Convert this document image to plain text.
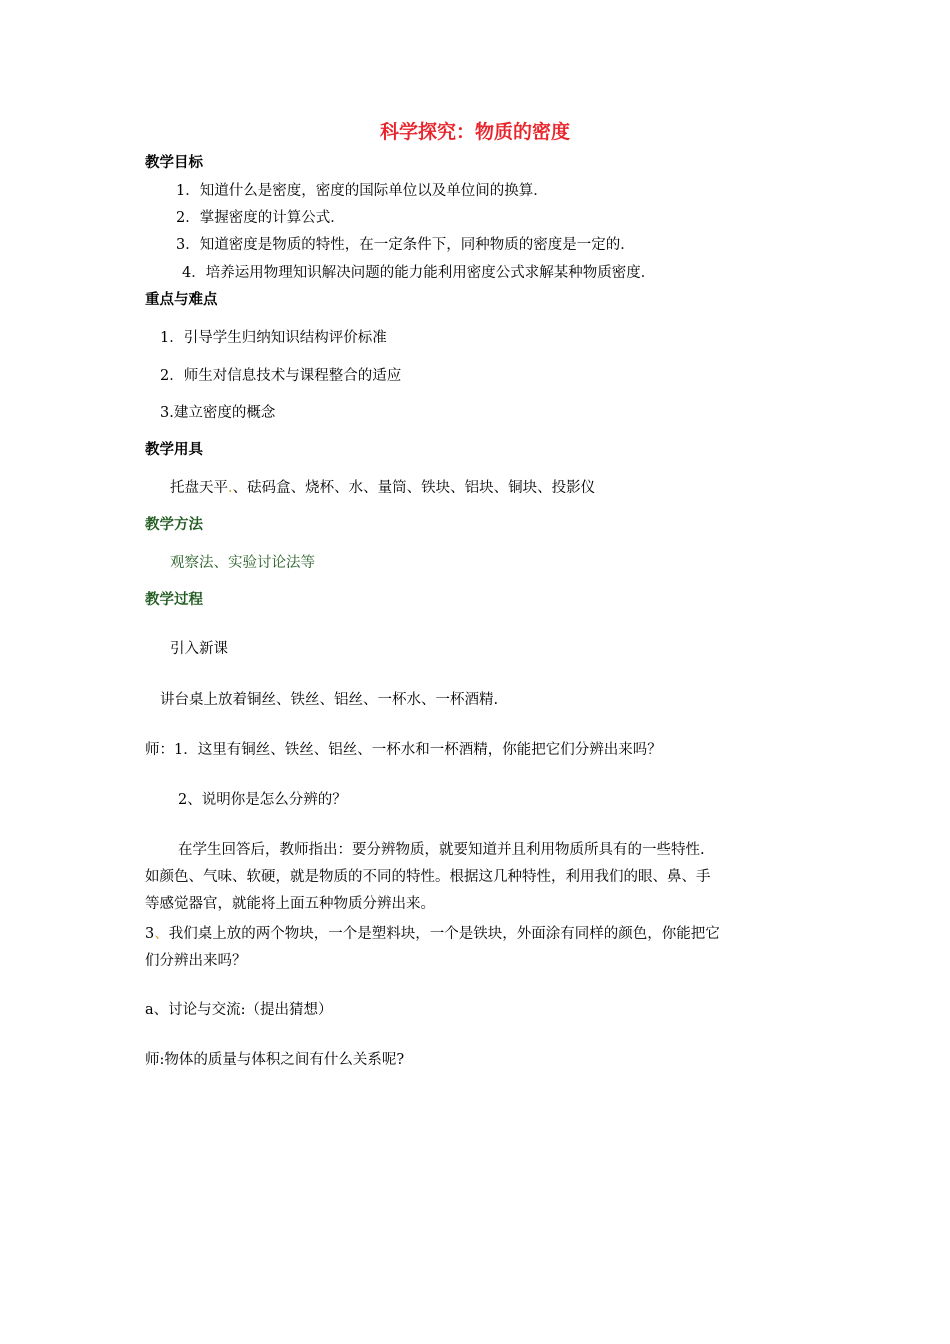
科学探究：物质的密度
教学目标
1．知道什么是密度，密度的国际单位以及单位间的换算．
2．掌握密度的计算公式．
3．知道密度是物质的特性，在一定条件下，同种物质的密度是一定的．
4．培养运用物理知识解决问题的能力能利用密度公式求解某种物质密度．
重点与难点
1．引导学生归纳知识结构评价标准
2．师生对信息技术与课程整合的适应
3.建立密度的概念
教学用具
托盘天平.、砝码盒、烧杯、水、量筒、铁块、铝块、铜块、投影仪
教学方法
观察法、实验讨论法等
教学过程
引入新课
讲台桌上放着铜丝、铁丝、铝丝、一杯水、一杯酒精.
师：1．这里有铜丝、铁丝、铝丝、一杯水和一杯酒精，你能把它们分辨出来吗？
2、说明你是怎么分辨的？
在学生回答后，教师指出：要分辨物质，就要知道并且利用物质所具有的一些特性.
如颜色、气味、软硬，就是物质的不同的特性。根据这几种特性，利用我们的眼、鼻、手
等感觉器官，就能将上面五种物质分辨出来。
3、我们桌上放的两个物块，一个是塑料块，一个是铁块，外面涂有同样的颜色，你能把它
们分辨出来吗？
a、讨论与交流:（提出猜想）
师:物体的质量与体积之间有什么关系呢?
